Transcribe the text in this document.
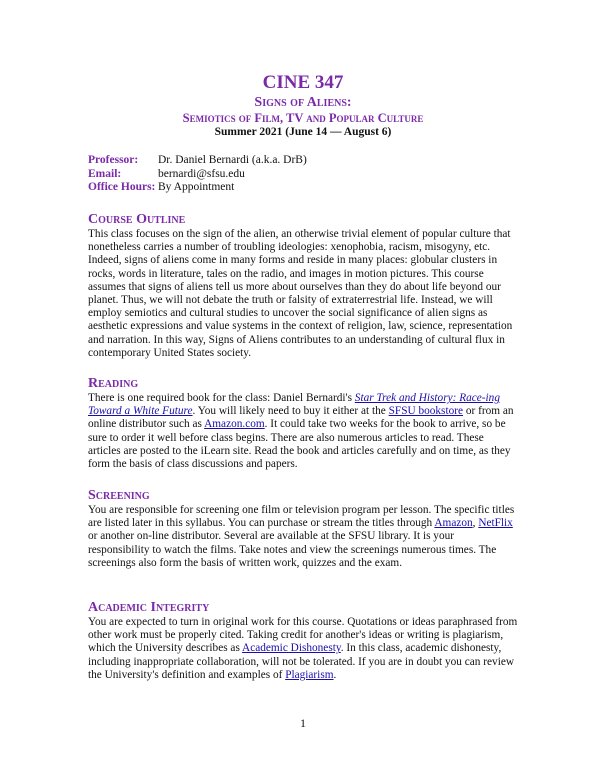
CINE 347
Signs of Aliens:
Semiotics of Film, TV and Popular Culture
Summer 2021 (June 14 — August 6)
Professor:	Dr. Daniel Bernardi (a.k.a. DrB)
Email:	bernardi@sfsu.edu
Office Hours: By Appointment
Course Outline

This class focuses on the sign of the alien, an otherwise trivial element of popular culture that nonetheless carries a number of troubling ideologies: xenophobia, racism, misogyny, etc. Indeed, signs of aliens come in many forms and reside in many places: globular clusters in rocks, words in literature, tales on the radio, and images in motion pictures. This course assumes that signs of aliens tell us more about ourselves than they do about life beyond our planet. Thus, we will not debate the truth or falsity of extraterrestrial life. Instead, we will employ semiotics and cultural studies to uncover the social significance of alien signs as aesthetic expressions and value systems in the context of religion, law, science, representation and narration. In this way, Signs of Aliens contributes to an understanding of cultural flux in contemporary United States society.

Reading

There is one required book for the class: Daniel Bernardi's Star Trek and History: Race-ing Toward a White Future. You will likely need to buy it either at the SFSU bookstore or from an online distributor such as Amazon.com. It could take two weeks for the book to arrive, so be sure to order it well before class begins. There are also numerous articles to read. These articles are posted to the iLearn site. Read the book and articles carefully and on time, as they form the basis of class discussions and papers.

Screening

You are responsible for screening one film or television program per lesson. The specific titles are listed later in this syllabus. You can purchase or stream the titles through Amazon, NetFlix or another on-line distributor. Several are available at the SFSU library. It is your responsibility to watch the films. Take notes and view the screenings numerous times. The screenings also form the basis of written work, quizzes and the exam.

Academic Integrity

You are expected to turn in original work for this course. Quotations or ideas paraphrased from other work must be properly cited. Taking credit for another's ideas or writing is plagiarism, which the University describes as Academic Dishonesty. In this class, academic dishonesty, including inappropriate collaboration, will not be tolerated. If you are in doubt you can review the University's definition and examples of Plagiarism.

1
